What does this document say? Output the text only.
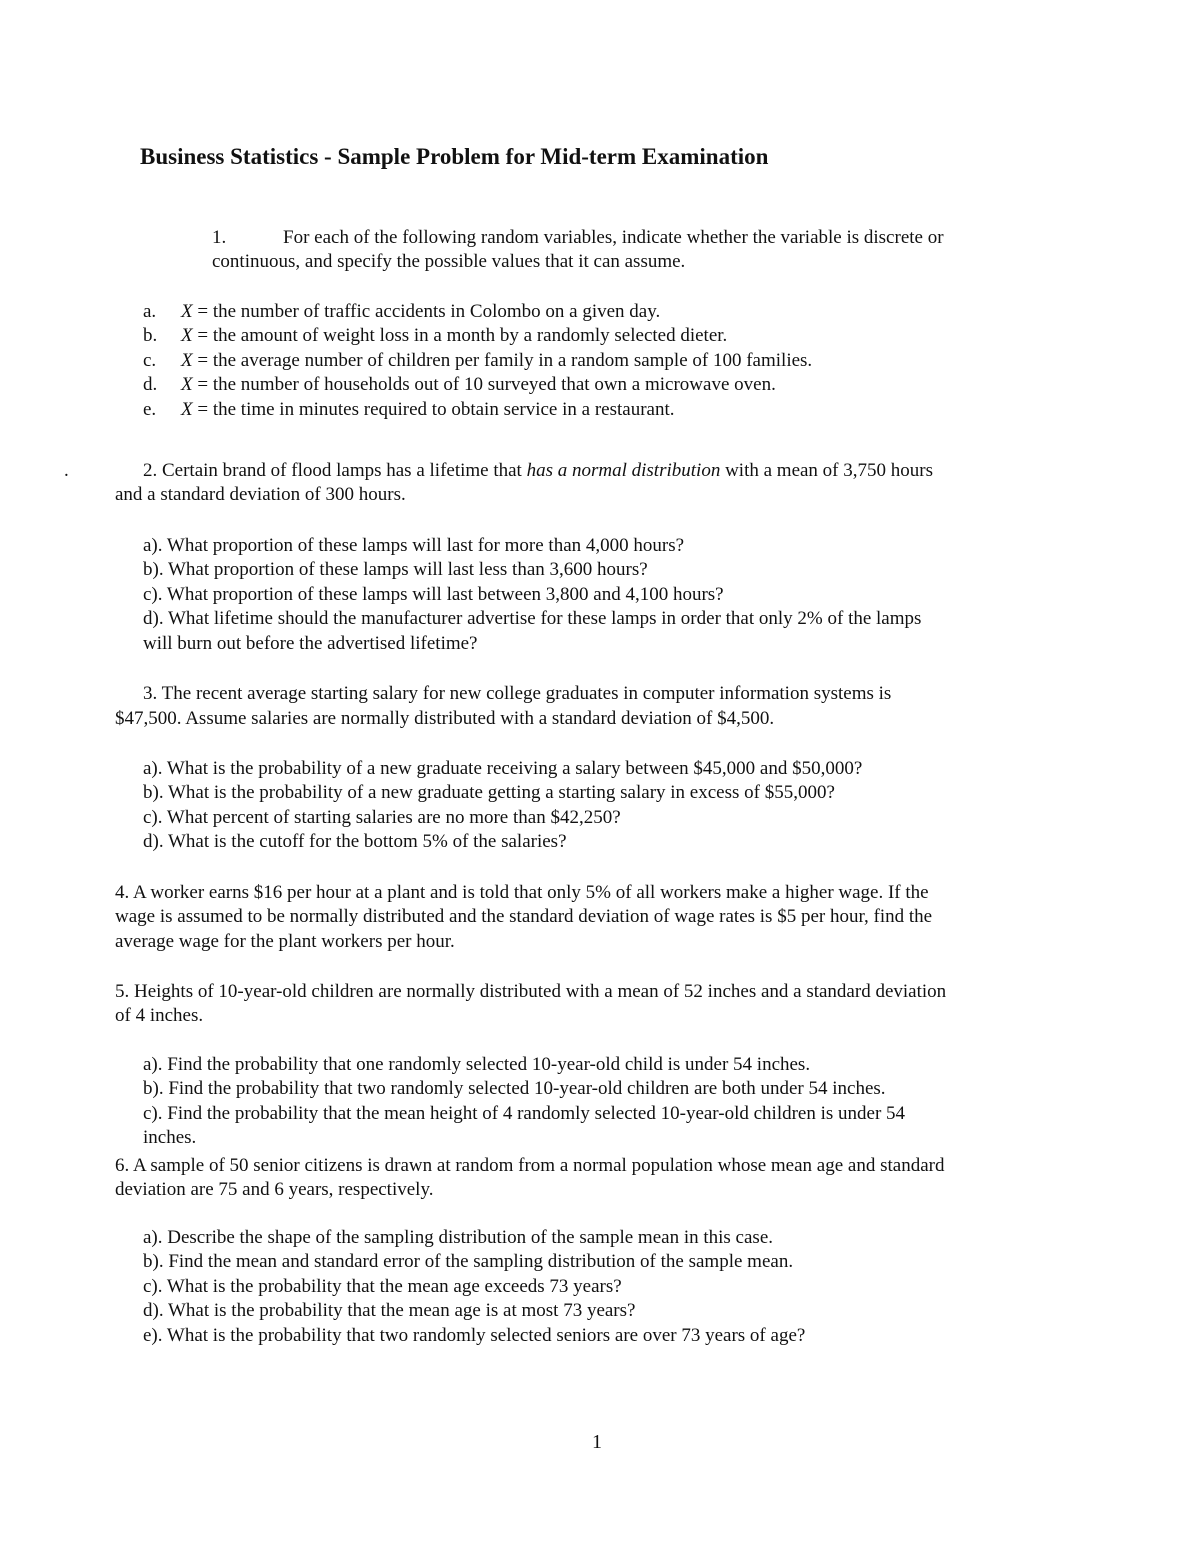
Business Statistics - Sample Problem for Mid-term Examination
1.	For each of the following random variables, indicate whether the variable is discrete or
continuous, and specify the possible values that it can assume.
a. X = the number of traffic accidents in Colombo on a given day.
b. X = the amount of weight loss in a month by a randomly selected dieter.
c. X = the average number of children per family in a random sample of 100 families.
d. X = the number of households out of 10 surveyed that own a microwave oven.
e. X = the time in minutes required to obtain service in a restaurant.
.	2. Certain brand of flood lamps has a lifetime that has a normal distribution with a mean of 3,750 hours
and a standard deviation of 300 hours.
a). What proportion of these lamps will last for more than 4,000 hours?
b). What proportion of these lamps will last less than 3,600 hours?
c). What proportion of these lamps will last between 3,800 and 4,100 hours?
d). What lifetime should the manufacturer advertise for these lamps in order that only 2% of the lamps
will burn out before the advertised lifetime?
3. The recent average starting salary for new college graduates in computer information systems is
$47,500. Assume salaries are normally distributed with a standard deviation of $4,500.
a). What is the probability of a new graduate receiving a salary between $45,000 and $50,000?
b). What is the probability of a new graduate getting a starting salary in excess of $55,000?
c). What percent of starting salaries are no more than $42,250?
d). What is the cutoff for the bottom 5% of the salaries?
4. A worker earns $16 per hour at a plant and is told that only 5% of all workers make a higher wage. If the
wage is assumed to be normally distributed and the standard deviation of wage rates is $5 per hour, find the
average wage for the plant workers per hour.
5. Heights of 10-year-old children are normally distributed with a mean of 52 inches and a standard deviation
of 4 inches.
a). Find the probability that one randomly selected 10-year-old child is under 54 inches.
b). Find the probability that two randomly selected 10-year-old children are both under 54 inches.
c). Find the probability that the mean height of 4 randomly selected 10-year-old children is under 54
inches.
6. A sample of 50 senior citizens is drawn at random from a normal population whose mean age and standard
deviation are 75 and 6 years, respectively.
a). Describe the shape of the sampling distribution of the sample mean in this case.
b). Find the mean and standard error of the sampling distribution of the sample mean.
c). What is the probability that the mean age exceeds 73 years?
d). What is the probability that the mean age is at most 73 years?
e). What is the probability that two randomly selected seniors are over 73 years of age?
1
